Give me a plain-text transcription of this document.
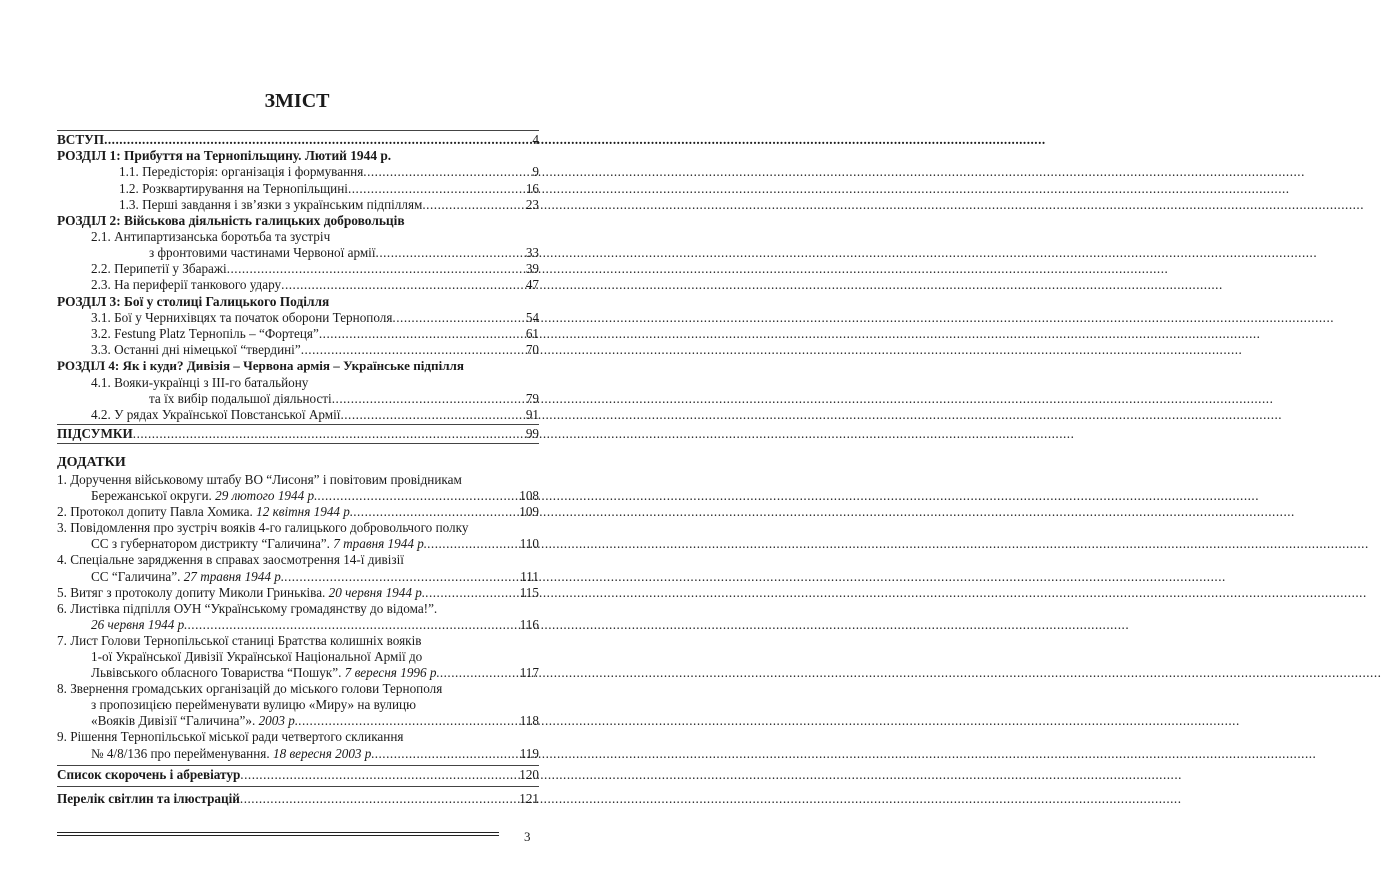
ЗМІСТ
ВСТУП .....	4
РОЗДІЛ 1: Прибуття на Тернопільщину. Лютий 1944 р.
1.1. Передісторія: організація і формування .....	9
1.2. Розквартирування на Тернопільщині .....	16
1.3. Перші завдання і зв’язки з українським підпіллям .....	23
РОЗДІЛ 2: Військова діяльність галицьких добровольців
2.1. Антипартизанська боротьба та зустріч
з фронтовими частинами Червоної армії .....	33
2.2. Перипетії у Збаражі .....	39
2.3. На периферії танкового удару .....	47
РОЗДІЛ 3: Бої у столиці Галицького Поділля
3.1. Бої у Чернихівцях та початок оборони Тернополя .....	54
3.2. Festung Platz Тернопіль – “Фортеця” .....	61
3.3. Останні дні німецької “твердині” .....	70
РОЗДІЛ 4: Як і куди? Дивізія – Червона армія – Українське підпілля
4.1. Вояки-українці з ІІІ-го батальйону
та їх вибір подальшої діяльності .....	79
4.2. У рядах Української Повстанської Армії .....	91
ПІДСУМКИ .....	99
ДОДАТКИ
1. Доручення військовому штабу ВО “Лисоня” і повітовим провідникам
Бережанської округи. 29 лютого 1944 р. .....	108
2. Протокол допиту Павла Хомика. 12 квітня 1944 р. .....	109
3. Повідомлення про зустріч вояків 4-го галицького добровольчого полку
СС з губернатором дистрикту “Галичина”. 7 травня 1944 р. .....	110
4. Спеціальне зарядження в справах заосмотрення 14-ї дивізії
СС “Галичина”. 27 травня 1944 р. .....	111
5. Витяг з протоколу допиту Миколи Гриньківа. 20 червня 1944 р. .....	115
6. Листівка підпілля ОУН “Українському громадянству до відома!”.
26 червня 1944 р. .....	116
7. Лист Голови Тернопільської станиці Братства колишніх вояків
1-ої Української Дивізії Української Національної Армії до
Львівського обласного Товариства “Пошук”. 7 вересня 1996 р. .....	117
8. Звернення громадських організацій до міського голови Тернополя
з пропозицією перейменувати вулицю «Миру» на вулицю
«Вояків Дивізії “Галичина”». 2003 р. .....	118
9. Рішення Тернопільської міської ради четвертого скликання
№ 4/8/136 про перейменування. 18 вересня 2003 р. .....	119
Список скорочень і абревіатур .....	120
Перелік світлин та ілюстрацій .....	121
3
